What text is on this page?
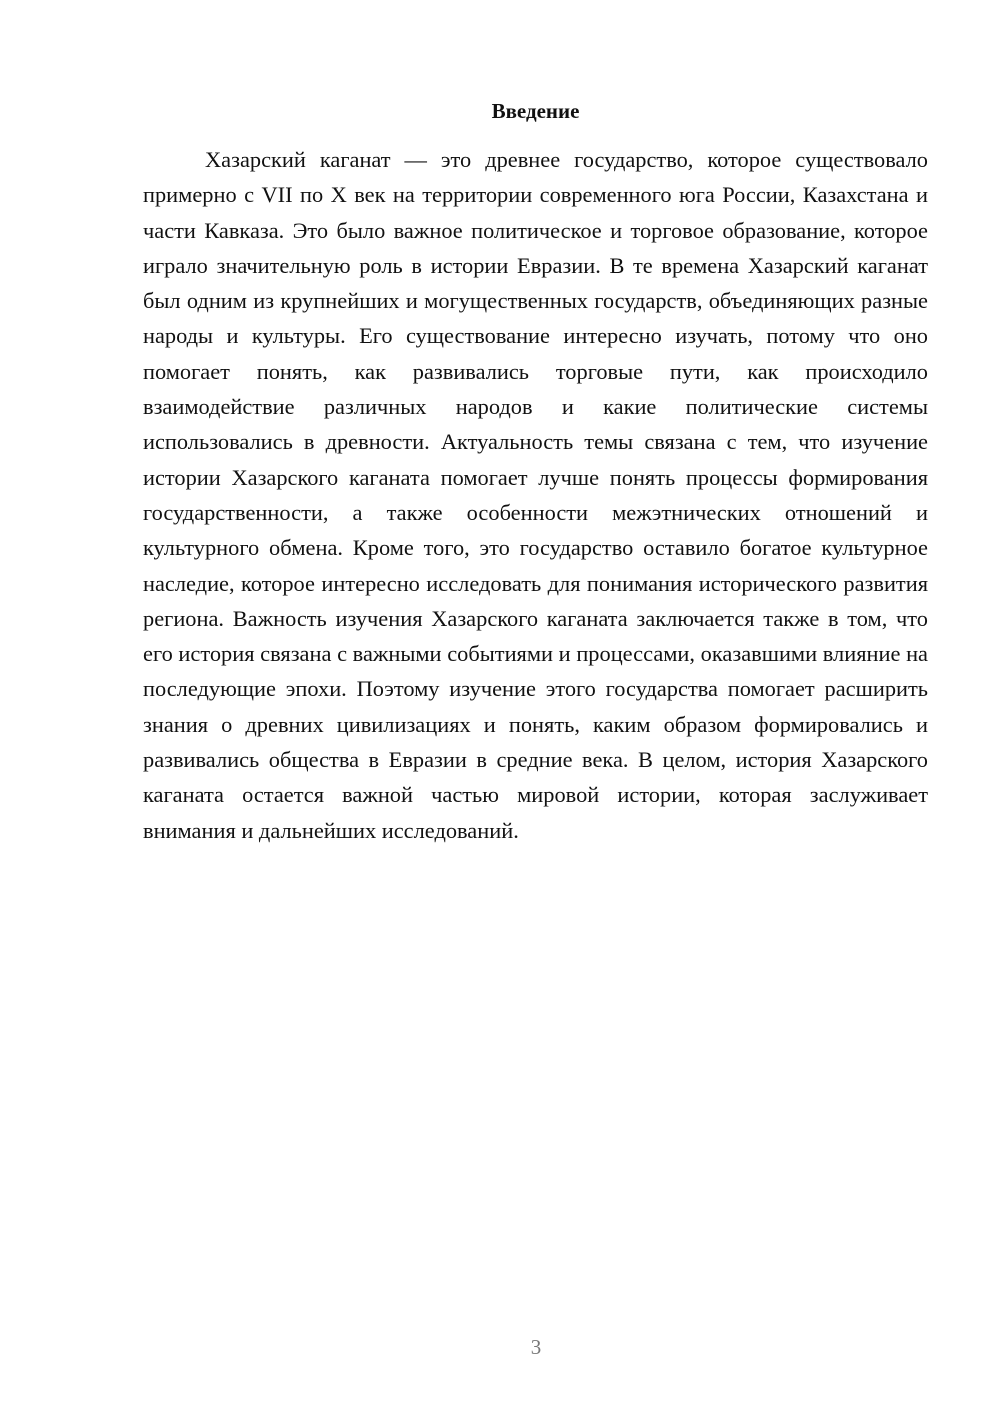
Введение

Хазарский каганат — это древнее государство, которое существовало примерно с VII по X век на территории современного юга России, Казахстана и части Кавказа. Это было важное политическое и торговое образование, которое играло значительную роль в истории Евразии. В те времена Хазарский каганат был одним из крупнейших и могущественных государств, объединяющих разные народы и культуры. Его существование интересно изучать, потому что оно помогает понять, как развивались торговые пути, как происходило взаимодействие различных народов и какие политические системы использовались в древности. Актуальность темы связана с тем, что изучение истории Хазарского каганата помогает лучше понять процессы формирования государственности, а также особенности межэтнических отношений и культурного обмена. Кроме того, это государство оставило богатое культурное наследие, которое интересно исследовать для понимания исторического развития региона. Важность изучения Хазарского каганата заключается также в том, что его история связана с важными событиями и процессами, оказавшими влияние на последующие эпохи. Поэтому изучение этого государства помогает расширить знания о древних цивилизациях и понять, каким образом формировались и развивались общества в Евразии в средние века. В целом, история Хазарского каганата остается важной частью мировой истории, которая заслуживает внимания и дальнейших исследований.

3
